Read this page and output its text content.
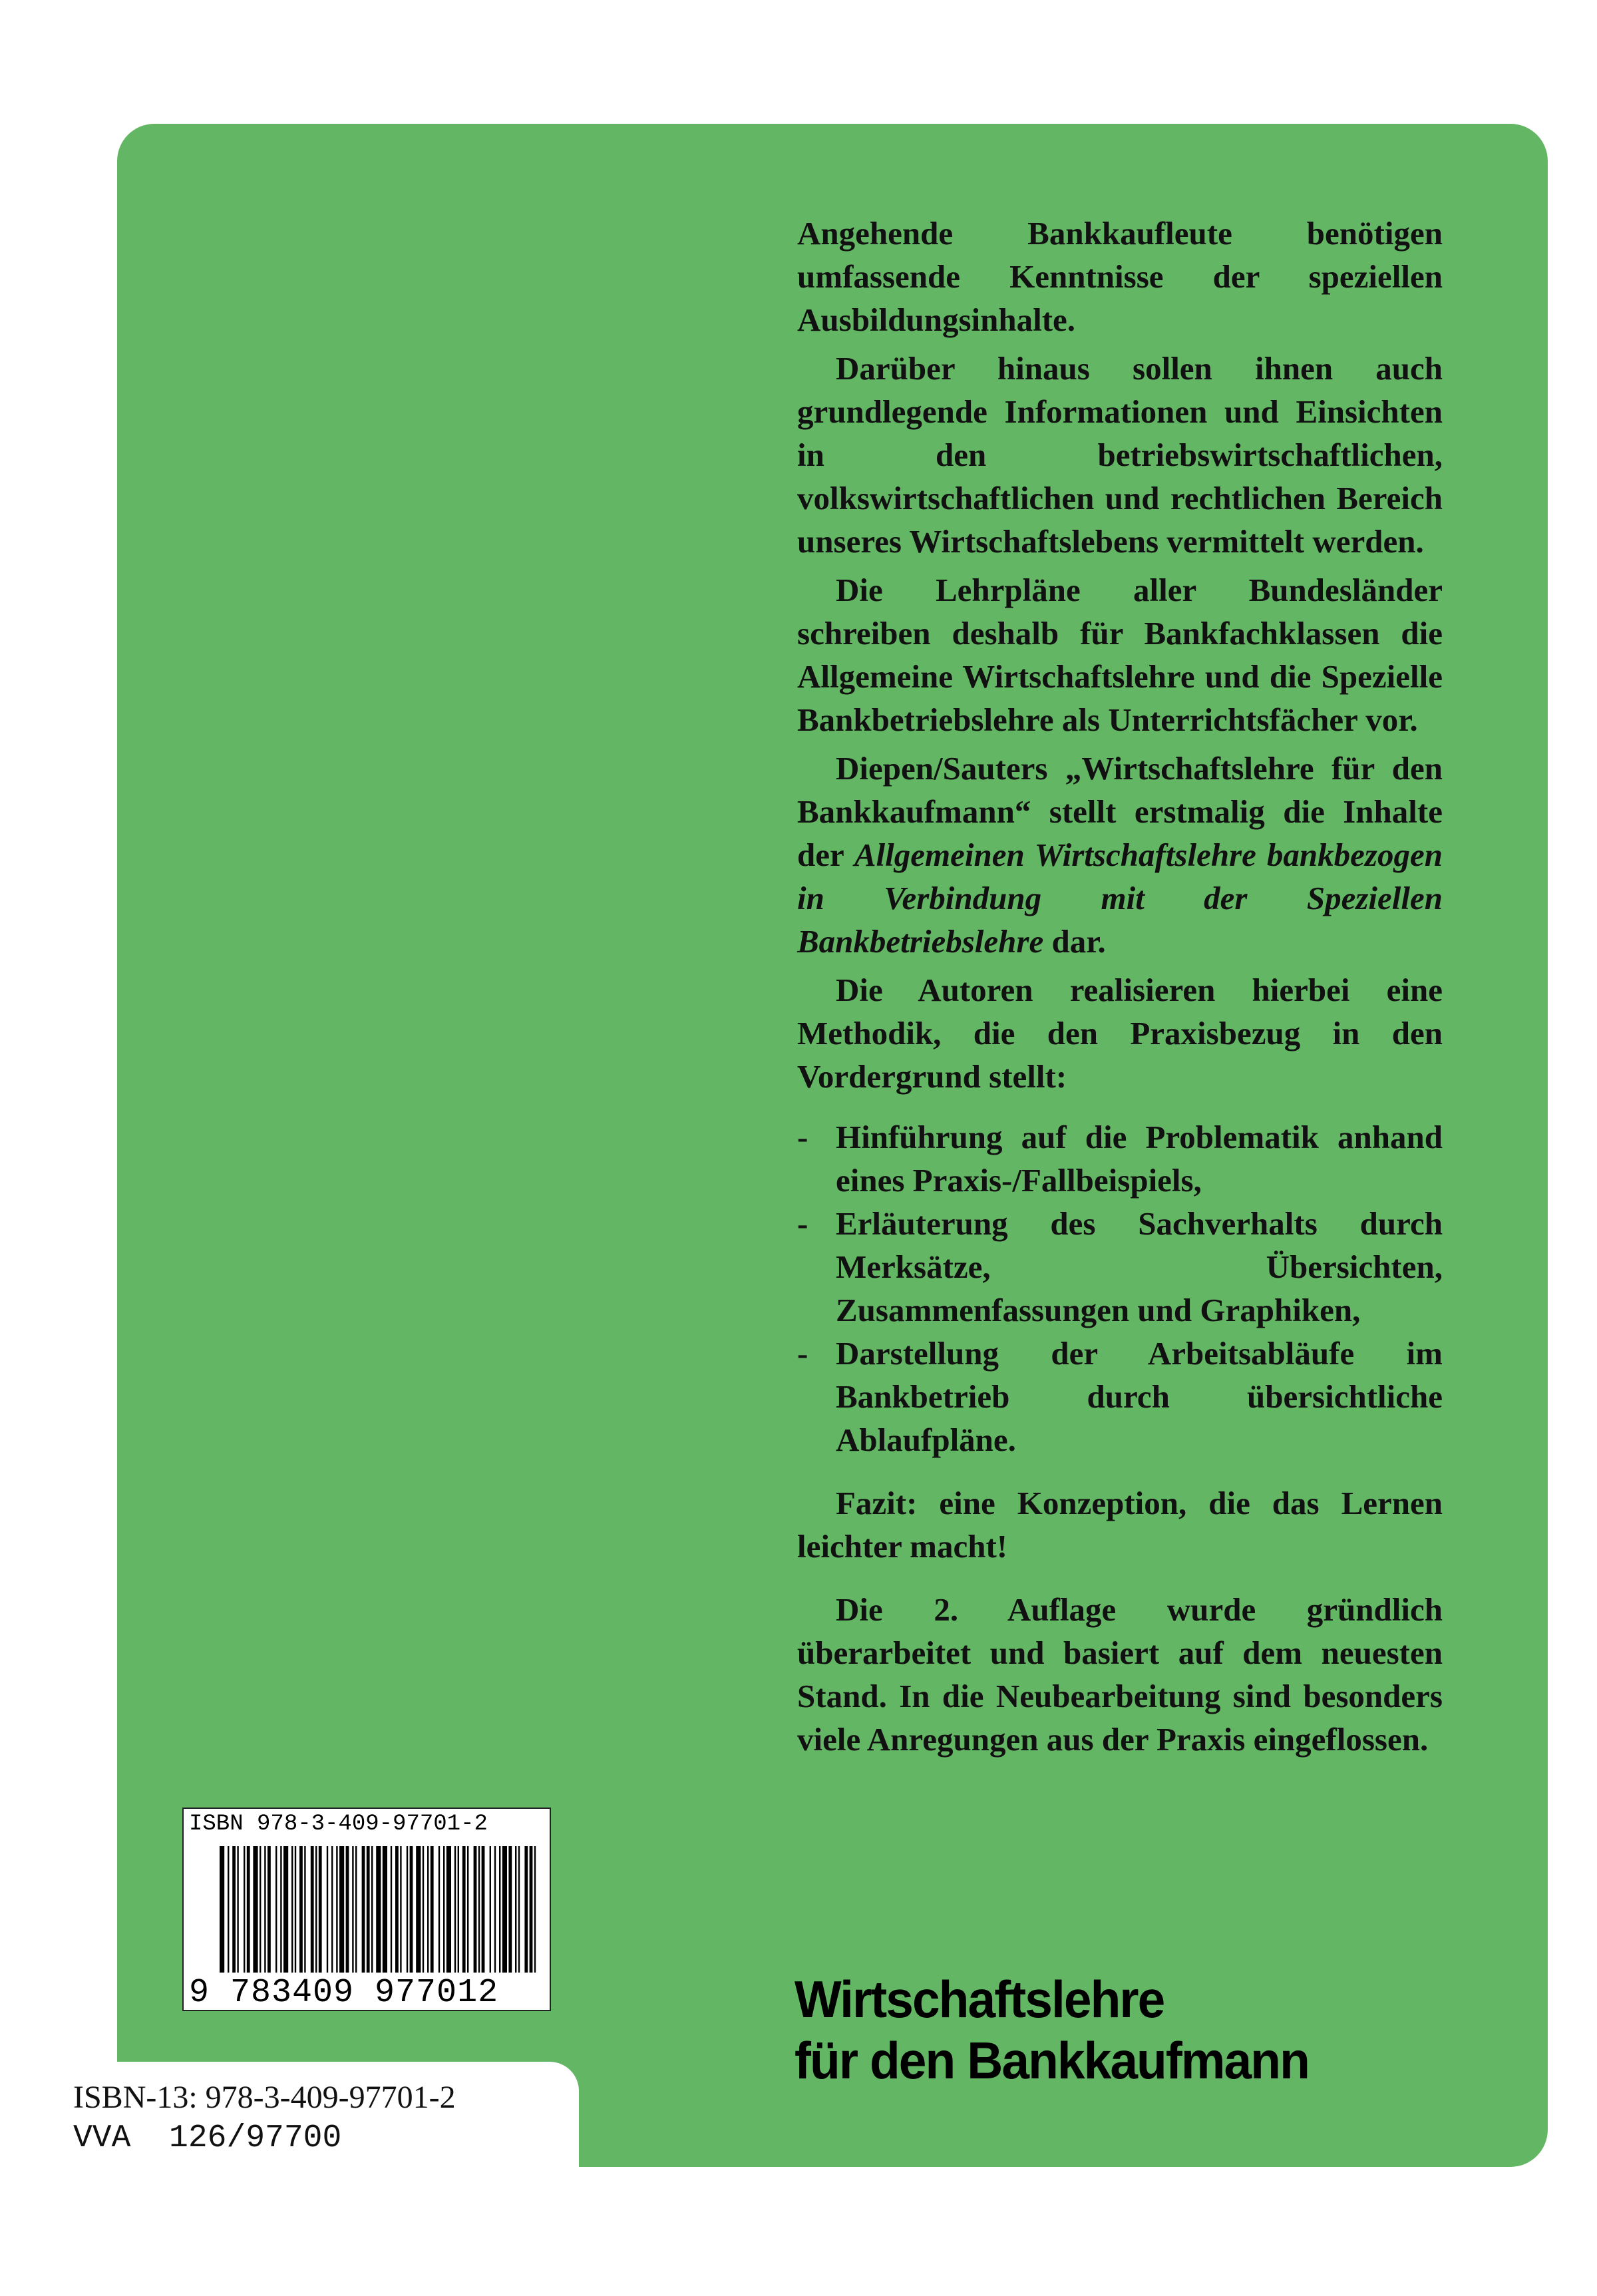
Angehende Bankkaufleute benötigen umfassende Kenntnisse der speziellen Ausbildungsinhalte.

Darüber hinaus sollen ihnen auch grundlegende Informationen und Einsichten in den betriebswirtschaftlichen, volkswirtschaftlichen und rechtlichen Bereich unseres Wirtschaftslebens vermittelt werden.

Die Lehrpläne aller Bundesländer schreiben deshalb für Bankfachklassen die Allgemeine Wirtschaftslehre und die Spezielle Bankbetriebslehre als Unterrichtsfächer vor.

Diepen/Sauters „Wirtschaftslehre für den Bankkaufmann“ stellt erstmalig die Inhalte der Allgemeinen Wirtschaftslehre bankbezogen in Verbindung mit der Speziellen Bankbetriebslehre dar.

Die Autoren realisieren hierbei eine Methodik, die den Praxisbezug in den Vordergrund stellt:

- Hinführung auf die Problematik anhand eines Praxis-/Fallbeispiels,
- Erläuterung des Sachverhalts durch Merksätze, Übersichten, Zusammenfassungen und Graphiken,
- Darstellung der Arbeitsabläufe im Bankbetrieb durch übersichtliche Ablaufpläne.

Fazit: eine Konzeption, die das Lernen leichter macht!

Die 2. Auflage wurde gründlich überarbeitet und basiert auf dem neuesten Stand. In die Neubearbeitung sind besonders viele Anregungen aus der Praxis eingeflossen.

Wirtschaftslehre
für den Bankkaufmann
ISBN 978-3-409-97701-2
9 783409 977012
ISBN-13: 978-3-409-97701-2
VVA  126/97700
